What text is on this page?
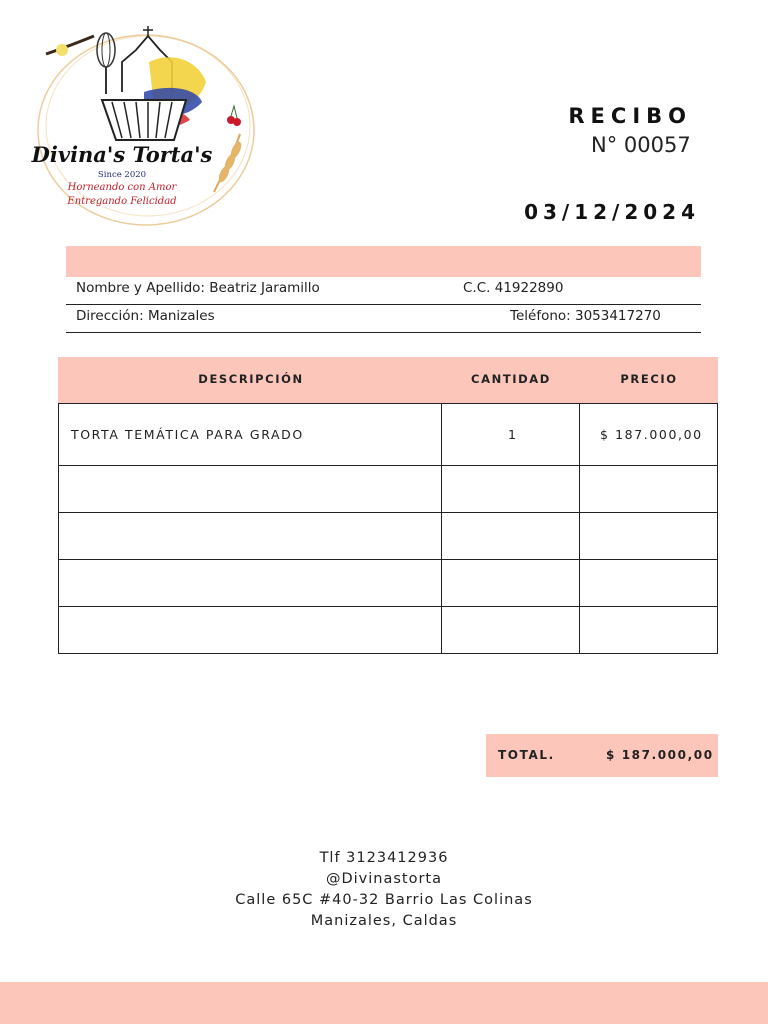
Divina's Torta's
Since 2020
Horneando con Amor
Entregando Felicidad
RECIBO
N° 00057
03/12/2024
Nombre y Apellido: Beatriz Jaramillo	C.C. 41922890
Dirección: Manizales	Teléfono: 3053417270
DESCRIPCIÓN	CANTIDAD	PRECIO
TORTA TEMÁTICA PARA GRADO	1	$ 187.000,00
TOTAL.	$ 187.000,00
Tlf 3123412936
@Divinastorta
Calle 65C #40-32 Barrio Las Colinas
Manizales, Caldas
